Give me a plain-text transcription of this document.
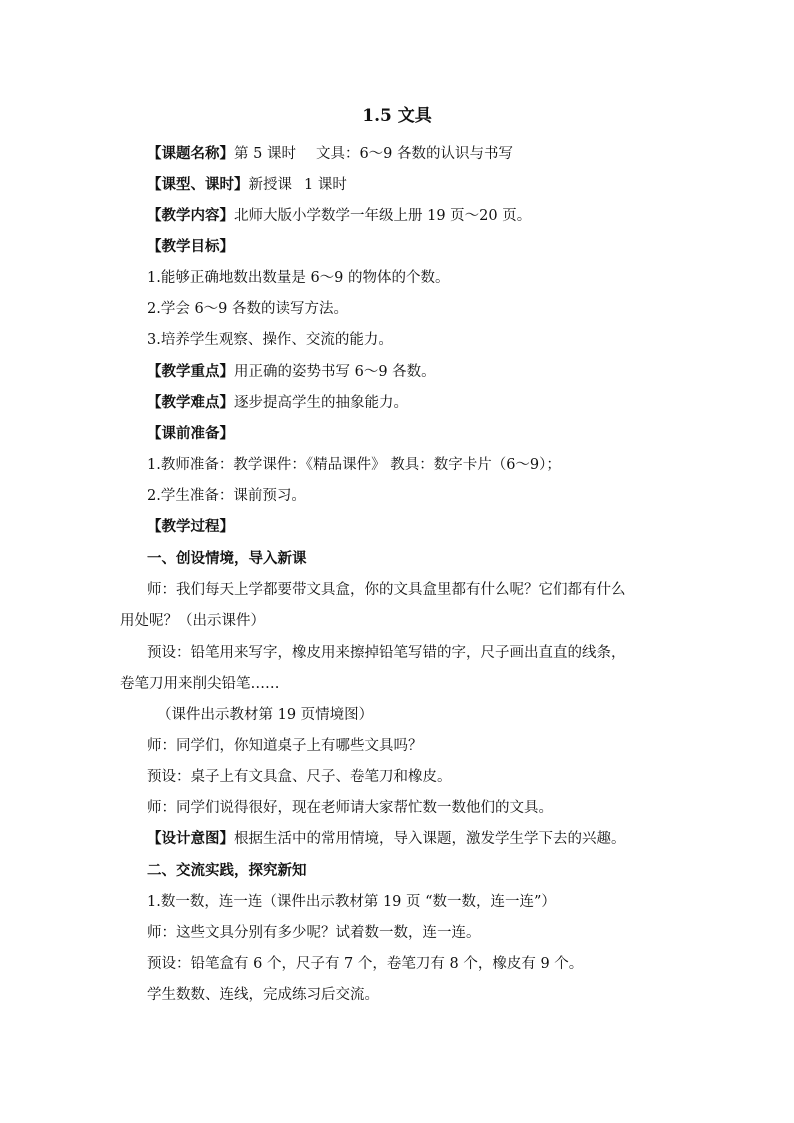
1.5 文具

【课题名称】第 5 课时 文具：6～9 各数的认识与书写

【课型、课时】新授课 1 课时

【教学内容】北师大版小学数学一年级上册 19 页～20 页。

【教学目标】

1.能够正确地数出数量是 6～9 的物体的个数。

2.学会 6～9 各数的读写方法。

3.培养学生观察、操作、交流的能力。

【教学重点】用正确的姿势书写 6～9 各数。

【教学难点】逐步提高学生的抽象能力。

【课前准备】

1.教师准备：教学课件：《精品课件》 教具：数字卡片（6～9）；

2.学生准备：课前预习。

【教学过程】

一、创设情境，导入新课

师：我们每天上学都要带文具盒，你的文具盒里都有什么呢？它们都有什么

用处呢？（出示课件）

预设：铅笔用来写字，橡皮用来擦掉铅笔写错的字，尺子画出直直的线条，

卷笔刀用来削尖铅笔……

（课件出示教材第 19 页情境图）

师：同学们，你知道桌子上有哪些文具吗？

预设：桌子上有文具盒、尺子、卷笔刀和橡皮。

师：同学们说得很好，现在老师请大家帮忙数一数他们的文具。

【设计意图】根据生活中的常用情境，导入课题，激发学生学下去的兴趣。

二、交流实践，探究新知

1.数一数，连一连（课件出示教材第 19 页 “数一数，连一连”）

师：这些文具分别有多少呢？试着数一数，连一连。

预设：铅笔盒有 6 个，尺子有 7 个，卷笔刀有 8 个，橡皮有 9 个。

学生数数、连线，完成练习后交流。
